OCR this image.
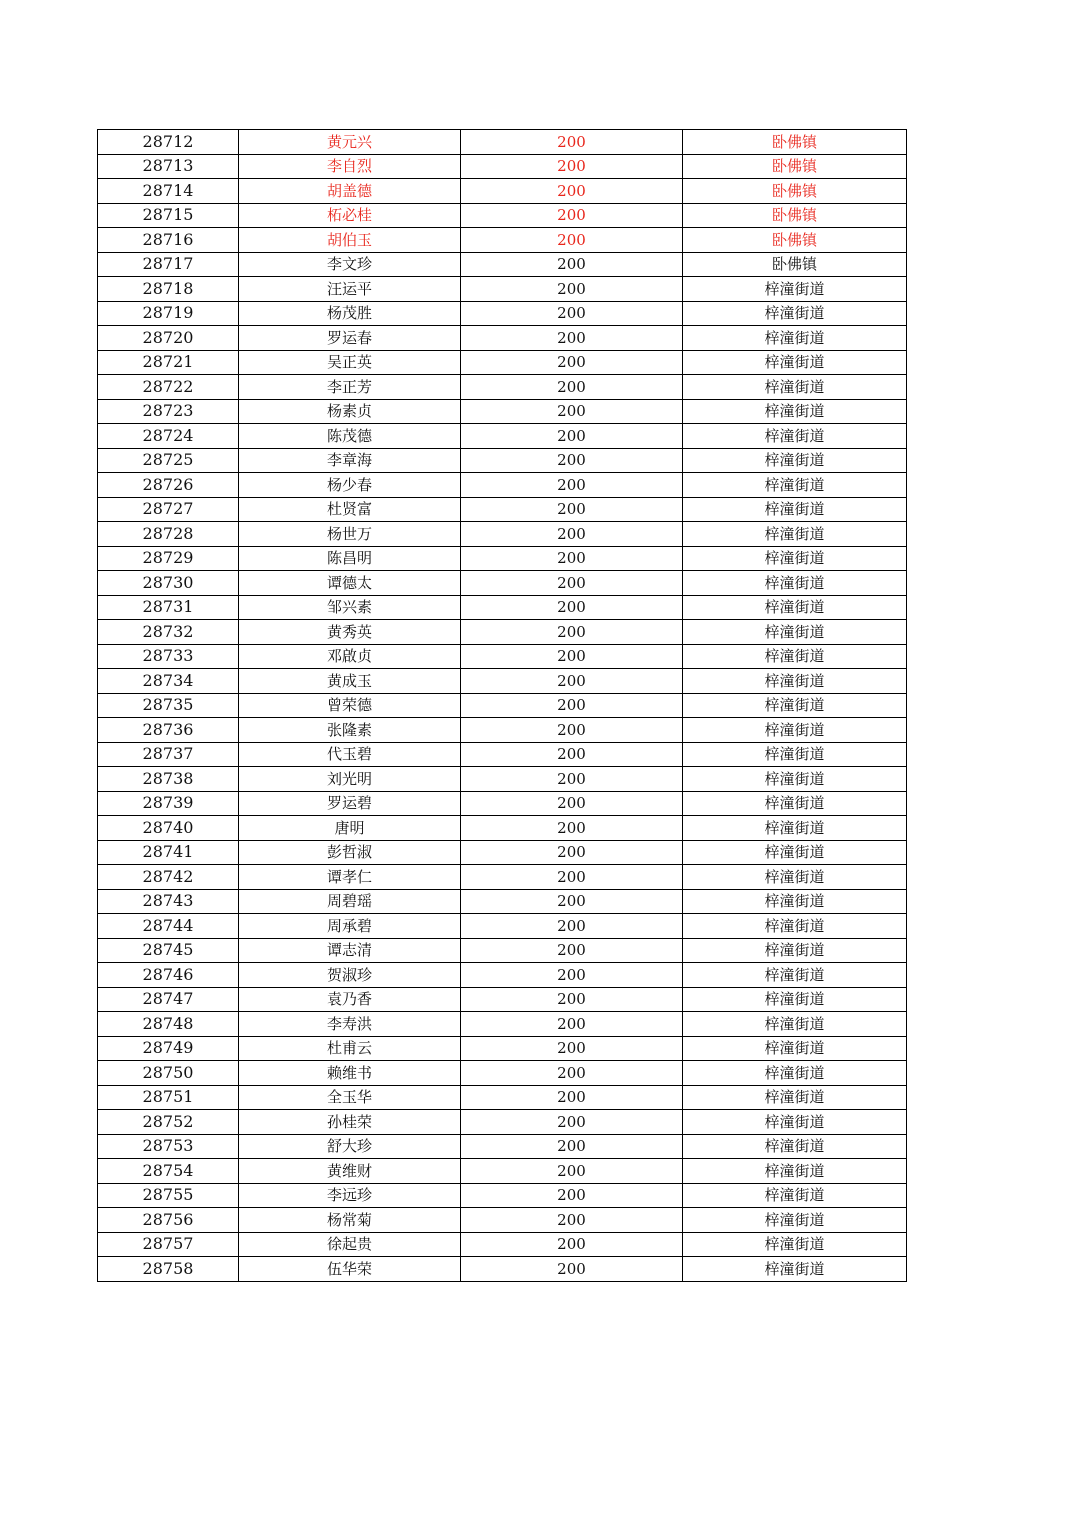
28712	黄元兴	200	卧佛镇
28713	李自烈	200	卧佛镇
28714	胡盖德	200	卧佛镇
28715	柘必桂	200	卧佛镇
28716	胡伯玉	200	卧佛镇
28717	李文珍	200	卧佛镇
28718	汪运平	200	梓潼街道
28719	杨茂胜	200	梓潼街道
28720	罗运春	200	梓潼街道
28721	吴正英	200	梓潼街道
28722	李正芳	200	梓潼街道
28723	杨素贞	200	梓潼街道
28724	陈茂德	200	梓潼街道
28725	李章海	200	梓潼街道
28726	杨少春	200	梓潼街道
28727	杜贤富	200	梓潼街道
28728	杨世万	200	梓潼街道
28729	陈昌明	200	梓潼街道
28730	谭德太	200	梓潼街道
28731	邹兴素	200	梓潼街道
28732	黄秀英	200	梓潼街道
28733	邓啟贞	200	梓潼街道
28734	黄成玉	200	梓潼街道
28735	曾荣德	200	梓潼街道
28736	张隆素	200	梓潼街道
28737	代玉碧	200	梓潼街道
28738	刘光明	200	梓潼街道
28739	罗运碧	200	梓潼街道
28740	唐明	200	梓潼街道
28741	彭哲淑	200	梓潼街道
28742	谭孝仁	200	梓潼街道
28743	周碧瑶	200	梓潼街道
28744	周承碧	200	梓潼街道
28745	谭志清	200	梓潼街道
28746	贺淑珍	200	梓潼街道
28747	袁乃香	200	梓潼街道
28748	李寿洪	200	梓潼街道
28749	杜甫云	200	梓潼街道
28750	赖维书	200	梓潼街道
28751	全玉华	200	梓潼街道
28752	孙桂荣	200	梓潼街道
28753	舒大珍	200	梓潼街道
28754	黄维财	200	梓潼街道
28755	李远珍	200	梓潼街道
28756	杨常菊	200	梓潼街道
28757	徐起贵	200	梓潼街道
28758	伍华荣	200	梓潼街道
